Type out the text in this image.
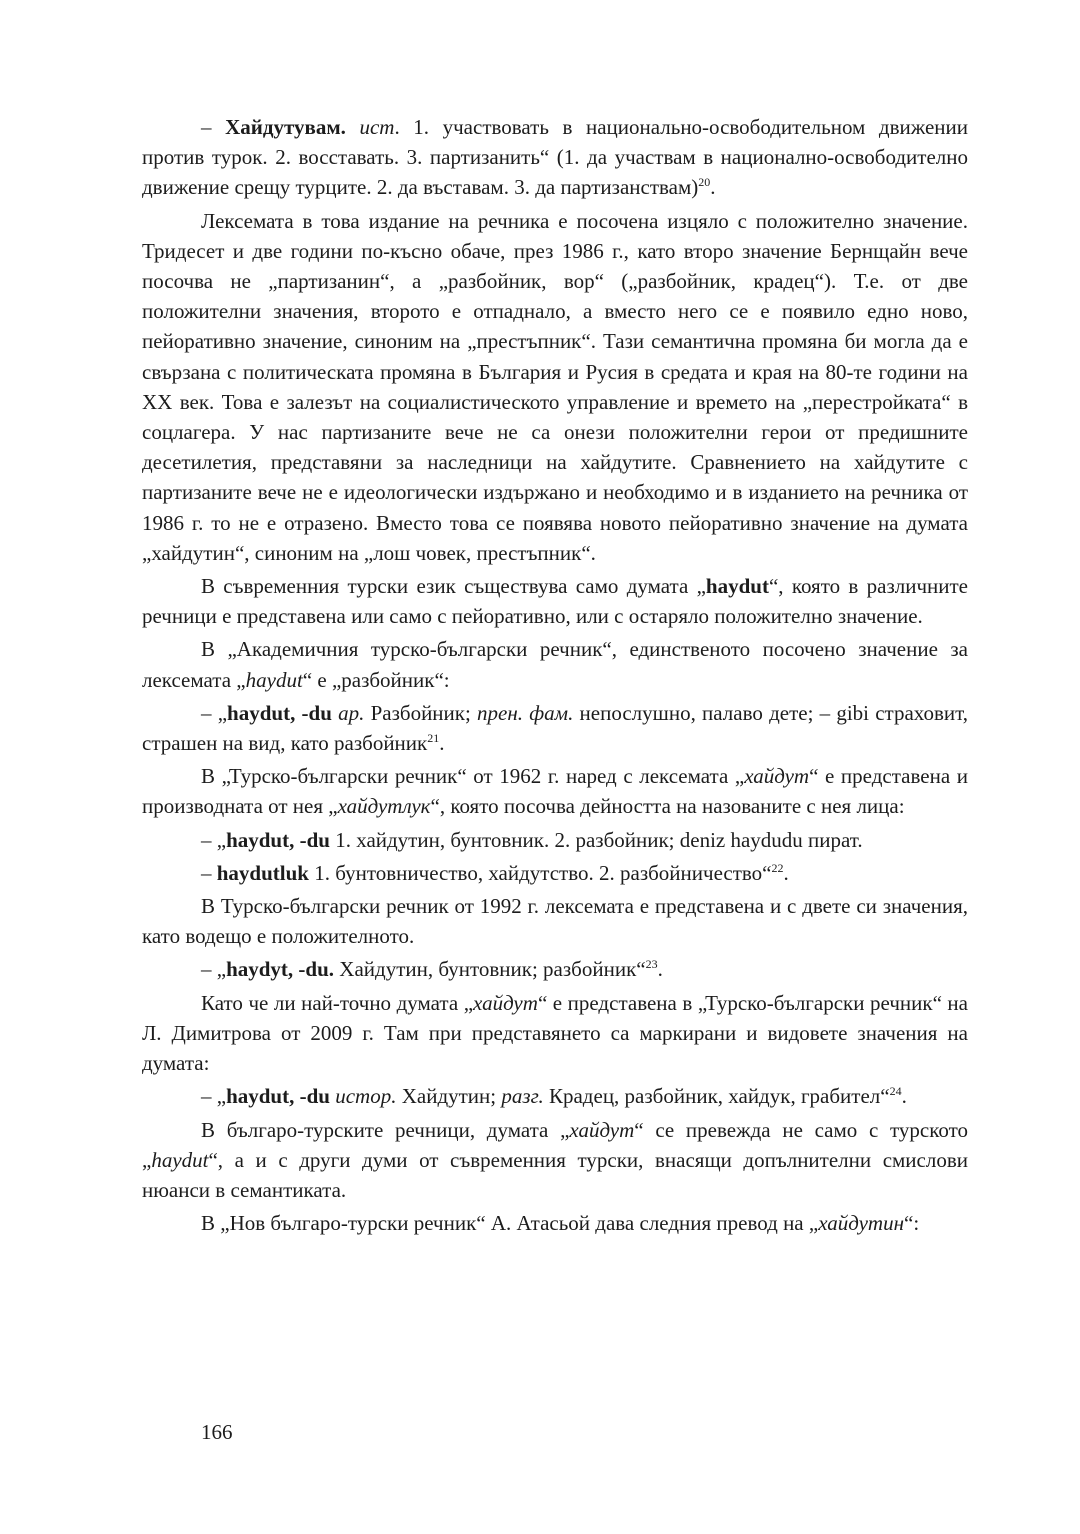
– Хайдутувам. ист. 1. участвовать в национально-освободительном движении против турок. 2. восставать. 3. партизанить“ (1. да участвам в национално-освободително движение срещу турците. 2. да въставам. 3. да партизанствам)$^{20}$.

Лексемата в това издание на речника е посочена изцяло с положително значение. Тридесет и две години по-късно обаче, през 1986 г., като второ значение Бернщайн вече посочва не „партизанин“, а „разбойник, вор“ („разбойник, крадец“). Т.е. от две положителни значения, второто е отпаднало, а вместо него се е появило едно ново, пейоративно значение, синоним на „престъпник“. Тази семантична промяна би могла да е свързана с политическата промяна в България и Русия в средата и края на 80-те години на XX век. Това е залезът на социалистическото управление и времето на „перестройката“ в соцлагера. У нас партизаните вече не са онези положителни герои от предишните десетилетия, представяни за наследници на хайдутите. Сравнението на хайдутите с партизаните вече не е идеологически издържано и необходимо и в изданието на речника от 1986 г. то не е отразено. Вместо това се появява новото пейоративно значение на думата „хайдутин“, синоним на „лош човек, престъпник“.

В съвременния турски език съществува само думата „haydut“, която в различните речници е представена или само с пейоративно, или с остаряло положително значение.

В „Академичния турско-български речник“, единственото посочено значение за лексемата „haydut“ е „разбойник“:

– „haydut, -du ар. Разбойник; прен. фам. непослушно, палаво дете; – gibi страховит, страшен на вид, като разбойник$^{21}$.

В „Турско-български речник“ от 1962 г. наред с лексемата „хайдут“ е представена и производната от нея „хайдутлук“, която посочва дейността на назованите с нея лица:

– „haydut, -du 1. хайдутин, бунтовник. 2. разбойник; deniz haydudu пират.

– haydutluk 1. бунтовничество, хайдутство. 2. разбойничество“$^{22}$.

В Турско-български речник от 1992 г. лексемата е представена и с двете си значения, като водещо е положителното.

– „haydyt, -du. Хайдутин, бунтовник; разбойник“$^{23}$.

Като че ли най-точно думата „хайдут“ е представена в „Турско-български речник“ на Л. Димитрова от 2009 г. Там при представянето са маркирани и видовете значения на думата:

– „haydut, -du истор. Хайдутин; разг. Крадец, разбойник, хайдук, грабител“$^{24}$.

В българо-турските речници, думата „хайдут“ се превежда не само с турското „haydut“, а и с други думи от съвременния турски, внасящи допълнителни смислови нюанси в семантиката.

В „Нов българо-турски речник“ А. Атасьой дава следния превод на „хайдутин“:

166
